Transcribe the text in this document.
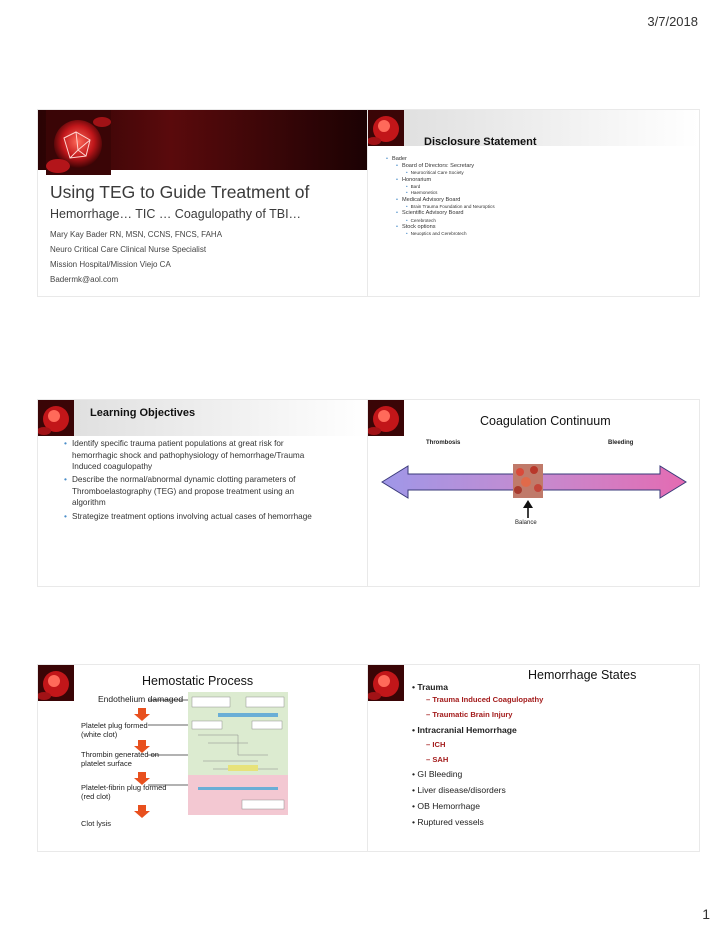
3/7/2018
Using TEG to Guide Treatment of
Hemorrhage… TIC … Coagulopathy of TBI…
Mary Kay Bader RN, MSN, CCNS, FNCS, FAHA
Neuro Critical Care Clinical Nurse Specialist
Mission Hospital/Mission Viejo CA
Badermk@aol.com
Disclosure Statement
• Bader
• Board of Directors: Secretary
• Neurocritical Care Society
• Honorarium
• Bard
• Haemonetics
• Medical Advisory Board
• Brain Trauma Foundation and Neuroptics
• Scientific Advisory Board
• Cerebrotech
• Stock options
• Neuoptics and Cerebrotech
Learning Objectives
• Identify specific trauma patient populations at great risk for
hemorrhagic shock and pathophysiology of hemorrhage/Trauma
Induced coagulopathy
• Describe the normal/abnormal dynamic clotting parameters of
Thromboelastography (TEG) and propose treatment using an
algorithm
• Strategize treatment options involving actual cases of hemorrhage
Coagulation Continuum
Thrombosis	Bleeding
Balance
Hemostatic Process
Endothelium damaged
Platelet plug formed
(white clot)
Thrombin generated on
platelet surface
Platelet-fibrin plug formed
(red clot)
Clot lysis
Hemorrhage States
• Trauma
– Trauma Induced Coagulopathy
– Traumatic Brain Injury
• Intracranial Hemorrhage
– ICH
– SAH
• GI Bleeding
• Liver disease/disorders
• OB Hemorrhage
• Ruptured vessels
1
